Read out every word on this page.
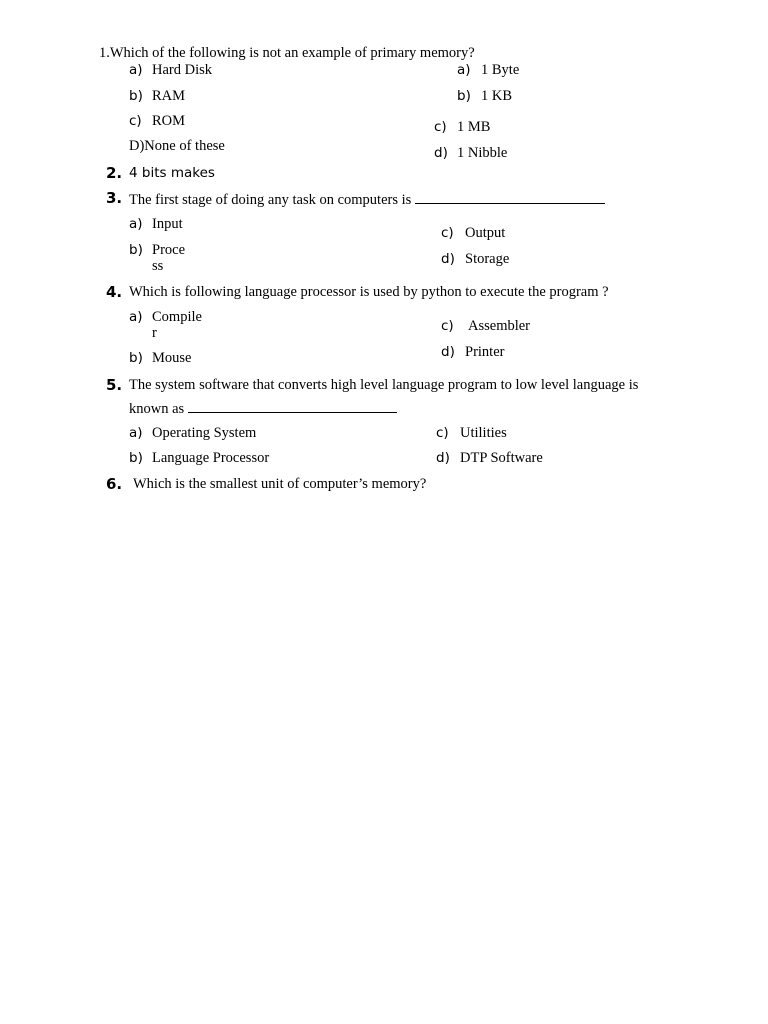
1.Which of the following is not an example of primary memory?
a) Hard Disk
b) RAM
c) ROM
D)None of these
a) 1 Byte
b) 1 KB
c) 1 MB
d) 1 Nibble
2. 4 bits makes
3. The first stage of doing any task on computers is
a) Input
b) Proce
ss
c) Output
d) Storage
4. Which is following language processor is used by python to execute the program ?
a) Compile
r
b) Mouse
c) Assembler
d) Printer
5. The system software that converts high level language program to low level language is
known as
a) Operating System
b) Language Processor
c) Utilities
d) DTP Software
6. Which is the smallest unit of computer’s memory?
